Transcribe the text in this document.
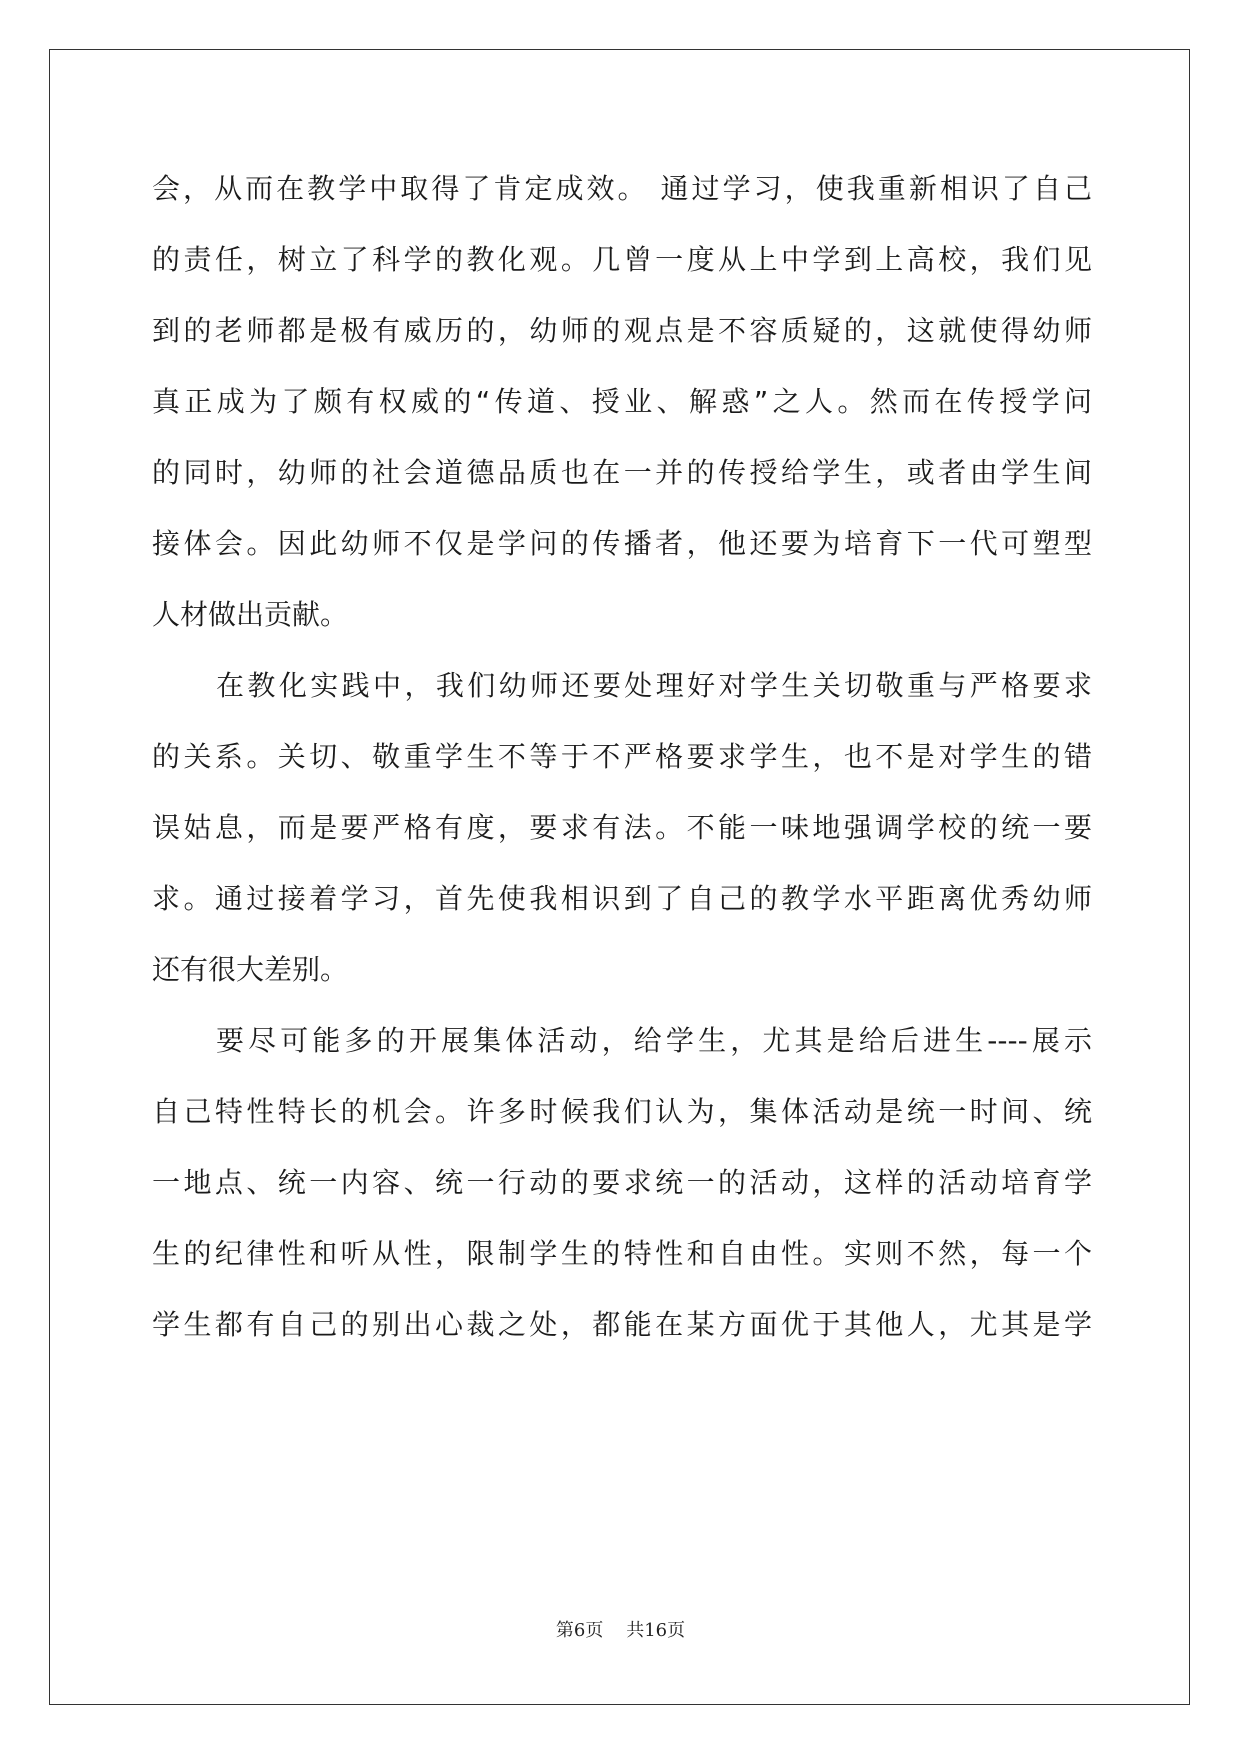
会，从而在教学中取得了肯定成效。 通过学习，使我重新相识了自己
的责任，树立了科学的教化观。几曾一度从上中学到上高校，我们见
到的老师都是极有威历的，幼师的观点是不容质疑的，这就使得幼师
真正成为了颇有权威的“传道、授业、解惑”之人。然而在传授学问
的同时，幼师的社会道德品质也在一并的传授给学生，或者由学生间
接体会。因此幼师不仅是学问的传播者，他还要为培育下一代可塑型
人材做出贡献。
在教化实践中，我们幼师还要处理好对学生关切敬重与严格要求
的关系。关切、敬重学生不等于不严格要求学生，也不是对学生的错
误姑息，而是要严格有度，要求有法。不能一味地强调学校的统一要
求。通过接着学习，首先使我相识到了自己的教学水平距离优秀幼师
还有很大差别。
要尽可能多的开展集体活动，给学生，尤其是给后进生----展示
自己特性特长的机会。许多时候我们认为，集体活动是统一时间、统
一地点、统一内容、统一行动的要求统一的活动，这样的活动培育学
生的纪律性和听从性，限制学生的特性和自由性。实则不然，每一个
学生都有自己的别出心裁之处，都能在某方面优于其他人，尤其是学
第6页    共16页
